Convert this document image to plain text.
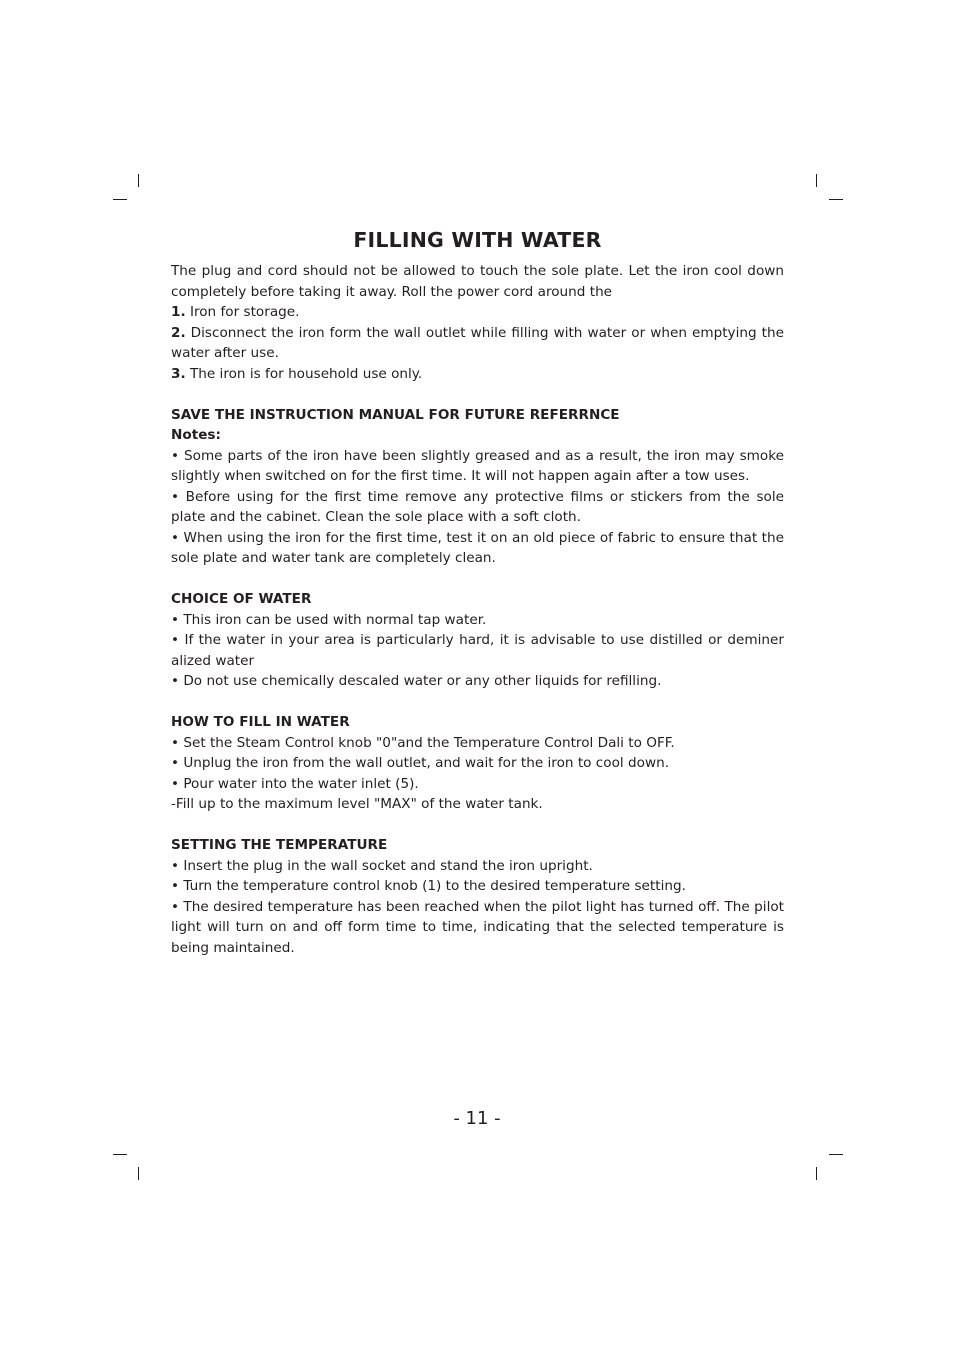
FILLING WITH WATER

The plug and cord should not be allowed to touch the sole plate. Let the iron cool down completely before taking it away. Roll the power cord around the

1. Iron for storage.

2. Disconnect the iron form the wall outlet while filling with water or when emptying the water after use.

3. The iron is for household use only.

SAVE THE INSTRUCTION MANUAL FOR FUTURE REFERRNCE

Notes:

• Some parts of the iron have been slightly greased and as a result, the iron may smoke slightly when switched on for the first time. It will not happen again after a tow uses.

• Before using for the first time remove any protective films or stickers from the sole plate and the cabinet. Clean the sole place with a soft cloth.

• When using the iron for the first time, test it on an old piece of fabric to ensure that the sole plate and water tank are completely clean.

CHOICE OF WATER

• This iron can be used with normal tap water.

• If the water in your area is particularly hard, it is advisable to use distilled or deminer alized water

• Do not use chemically descaled water or any other liquids for refilling.

HOW TO FILL IN WATER

• Set the Steam Control knob "0"and the Temperature Control Dali to OFF.

• Unplug the iron from the wall outlet, and wait for the iron to cool down.

• Pour water into the water inlet (5).

-Fill up to the maximum level "MAX" of the water tank.

SETTING THE TEMPERATURE

• Insert the plug in the wall socket and stand the iron upright.

• Turn the temperature control knob (1) to the desired temperature setting.

• The desired temperature has been reached when the pilot light has turned off. The pilot light will turn on and off form time to time, indicating that the selected temperature is being maintained.

- 11 -
